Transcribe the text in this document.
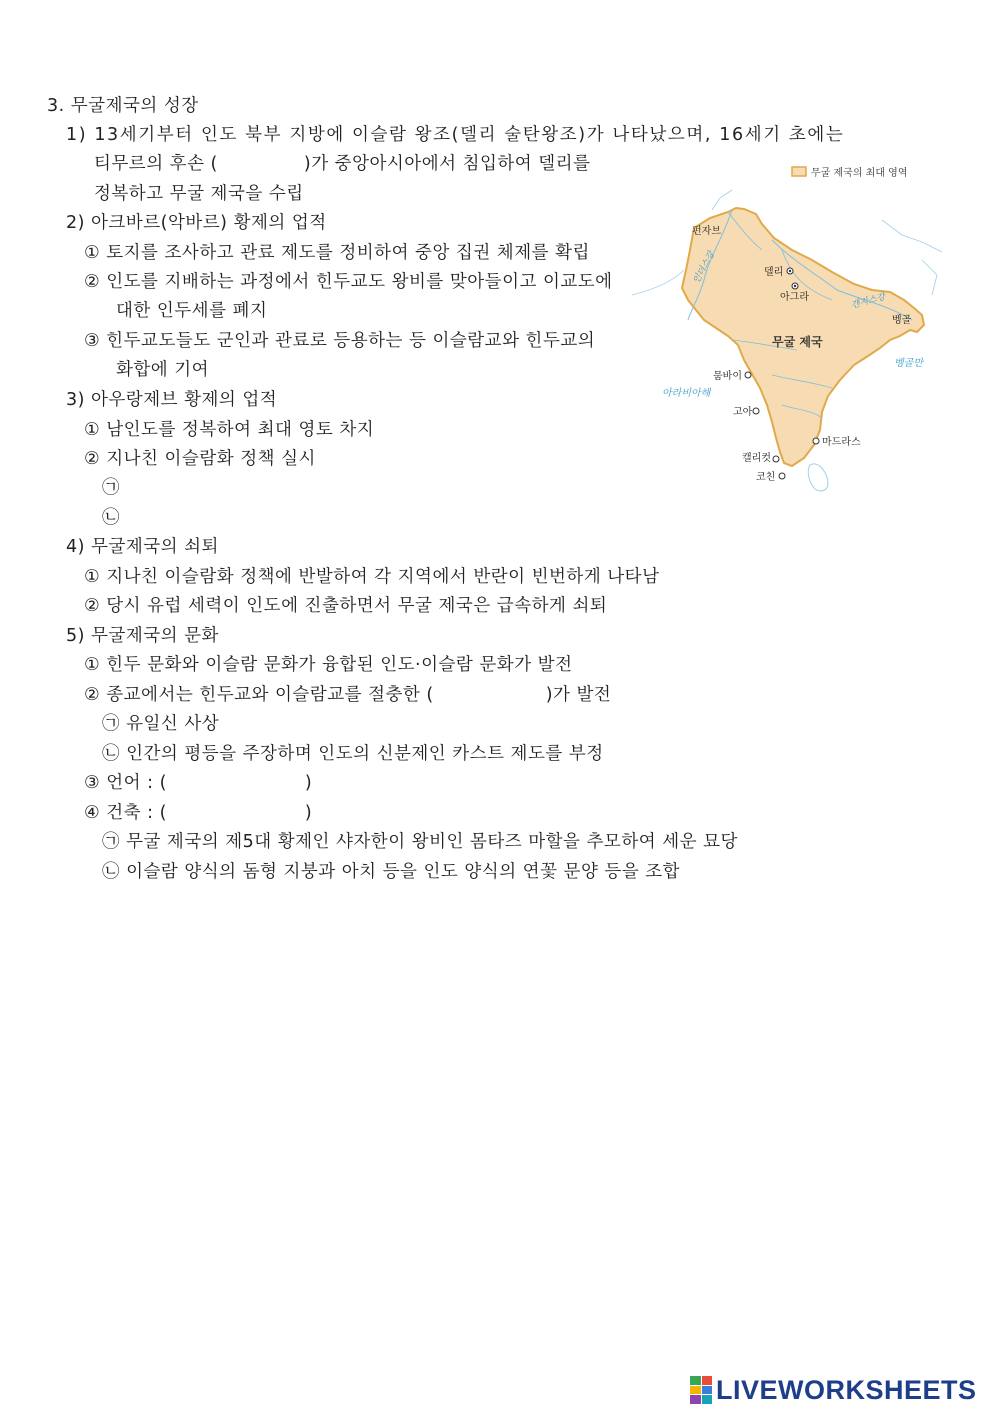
3. 무굴제국의 성장
1) 13세기부터 인도 북부 지방에 이슬람 왕조(델리 술탄왕조)가 나타났으며, 16세기 초에는
티무르의 후손 (	)가 중앙아시아에서 침입하여 델리를
정복하고 무굴 제국을 수립
2) 아크바르(악바르) 황제의 업적
① 토지를 조사하고 관료 제도를 정비하여 중앙 집권 체제를 확립
② 인도를 지배하는 과정에서 힌두교도 왕비를 맞아들이고 이교도에
대한 인두세를 폐지
③ 힌두교도들도 군인과 관료로 등용하는 등 이슬람교와 힌두교의
화합에 기여
3) 아우랑제브 황제의 업적
① 남인도를 정복하여 최대 영토 차지
② 지나친 이슬람화 정책 실시
㉠
㉡
4) 무굴제국의 쇠퇴
① 지나친 이슬람화 정책에 반발하여 각 지역에서 반란이 빈번하게 나타남
② 당시 유럽 세력이 인도에 진출하면서 무굴 제국은 급속하게 쇠퇴
5) 무굴제국의 문화
① 힌두 문화와 이슬람 문화가 융합된 인도·이슬람 문화가 발전
② 종교에서는 힌두교와 이슬람교를 절충한 (	)가 발전
㉠ 유일신 사상
㉡ 인간의 평등을 주장하며 인도의 신분제인 카스트 제도를 부정
③ 언어 : (	)
④ 건축 : (	)
㉠ 무굴 제국의 제5대 황제인 샤자한이 왕비인 몸타즈 마할을 추모하여 세운 묘당
㉡ 이슬람 양식의 돔형 지붕과 아치 등을 인도 양식의 연꽃 문양 등을 조합
무굴 제국의 최대 영역
펀자브
델리
아그라
벵골
무굴 제국
뭄바이
고아
마드라스
캘리컷
코친
인더스강
갠지스강
아라비아해
벵골만
LIVEWORKSHEETS
